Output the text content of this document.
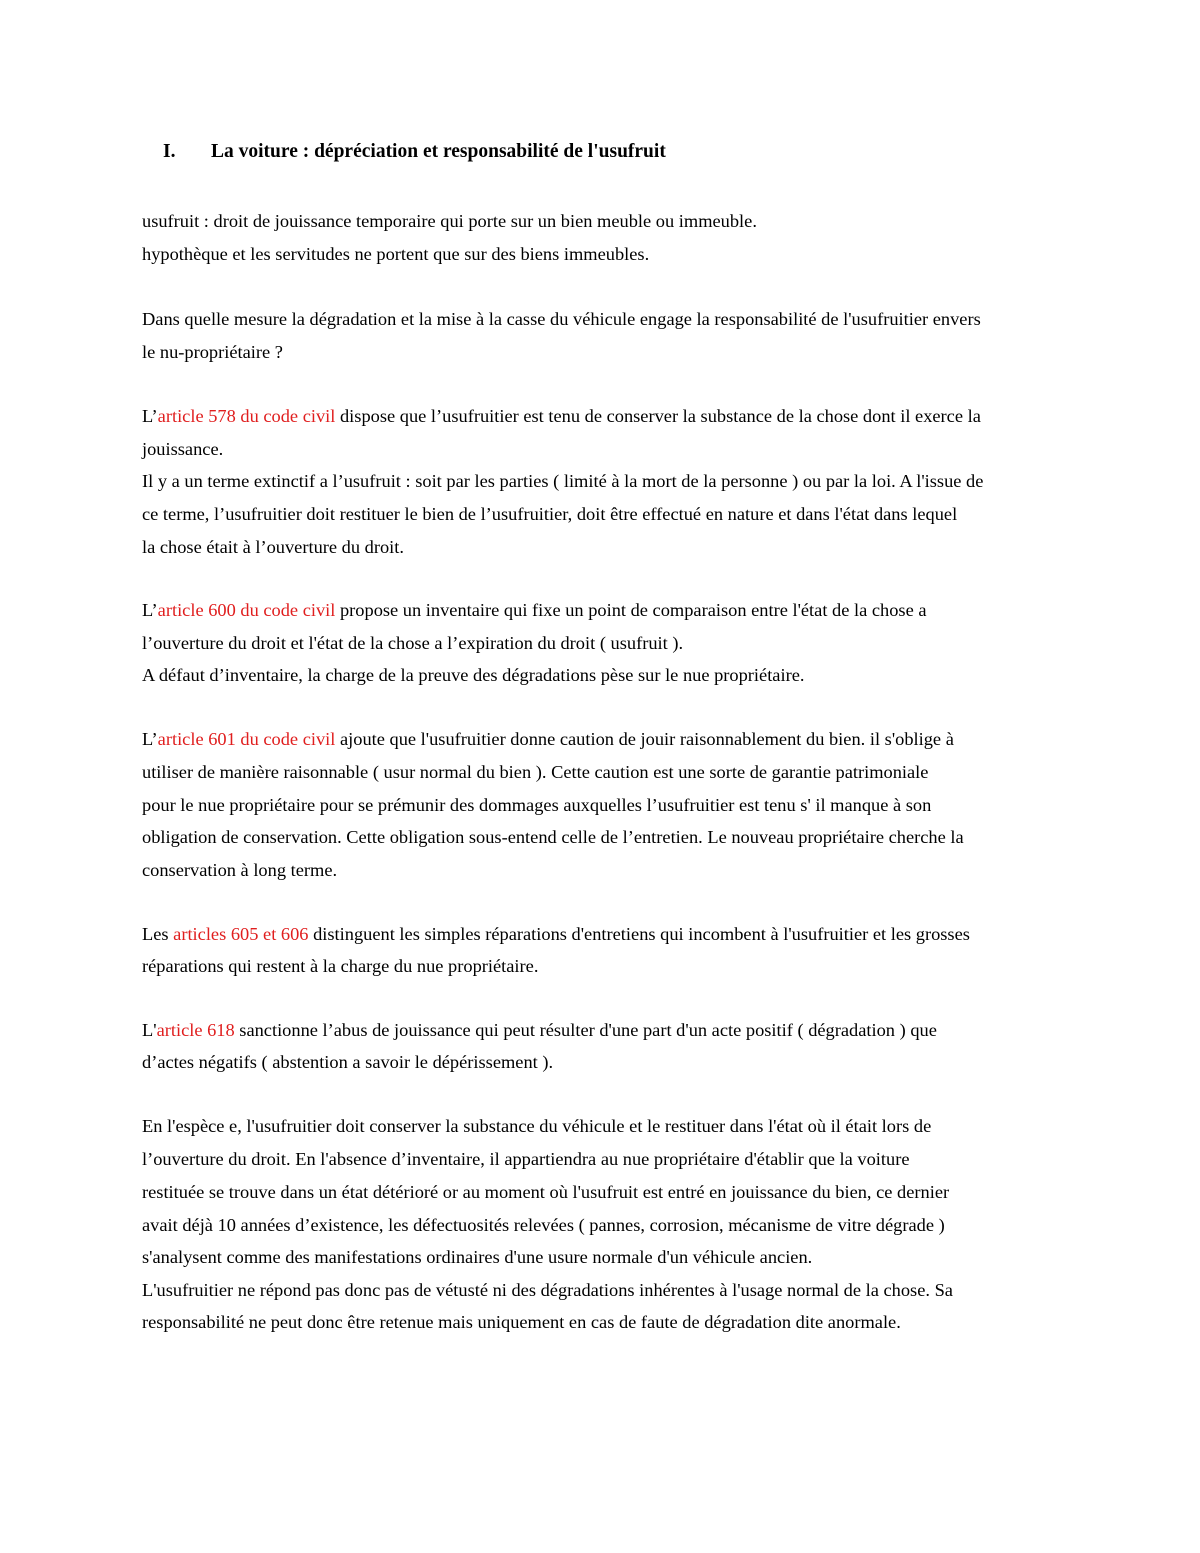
I. La voiture : dépréciation et responsabilité de l'usufruit
usufruit : droit de jouissance temporaire qui porte sur un bien meuble ou immeuble.
hypothèque et les servitudes ne portent que sur des biens immeubles.
Dans quelle mesure la dégradation et la mise à la casse du véhicule engage la responsabilité de l'usufruitier envers
le nu-propriétaire ?
L’article 578 du code civil dispose que l’usufruitier est tenu de conserver la substance de la chose dont il exerce la
jouissance.
Il y a un terme extinctif a l’usufruit : soit par les parties ( limité à la mort de la personne ) ou par la loi. A l'issue de
ce terme, l’usufruitier doit restituer le bien de l’usufruitier, doit être effectué en nature et dans l'état dans lequel
la chose était à l’ouverture du droit.
L’article 600 du code civil propose un inventaire qui fixe un point de comparaison entre l'état de la chose a
l’ouverture du droit et l'état de la chose a l’expiration du droit ( usufruit ).
A défaut d’inventaire, la charge de la preuve des dégradations pèse sur le nue propriétaire.
L’article 601 du code civil ajoute que l'usufruitier donne caution de jouir raisonnablement du bien. il s'oblige à
utiliser de manière raisonnable ( usur normal du bien ). Cette caution est une sorte de garantie patrimoniale
pour le nue propriétaire pour se prémunir des dommages auxquelles l’usufruitier est tenu s' il manque à son
obligation de conservation. Cette obligation sous-entend celle de l’entretien. Le nouveau propriétaire cherche la
conservation à long terme.
Les articles 605 et 606 distinguent les simples réparations d'entretiens qui incombent à l'usufruitier et les grosses
réparations qui restent à la charge du nue propriétaire.
L'article 618 sanctionne l’abus de jouissance qui peut résulter d'une part d'un acte positif ( dégradation ) que
d’actes négatifs ( abstention a savoir le dépérissement ).
En l'espèce e, l'usufruitier doit conserver la substance du véhicule et le restituer dans l'état où il était lors de
l’ouverture du droit. En l'absence d’inventaire, il appartiendra au nue propriétaire d'établir que la voiture
restituée se trouve dans un état détérioré or au moment où l'usufruit est entré en jouissance du bien, ce dernier
avait déjà 10 années d’existence, les défectuosités relevées ( pannes, corrosion, mécanisme de vitre dégrade )
s'analysent comme des manifestations ordinaires d'une usure normale d'un véhicule ancien.
L'usufruitier ne répond pas donc pas de vétusté ni des dégradations inhérentes à l'usage normal de la chose. Sa
responsabilité ne peut donc être retenue mais uniquement en cas de faute de dégradation dite anormale.
